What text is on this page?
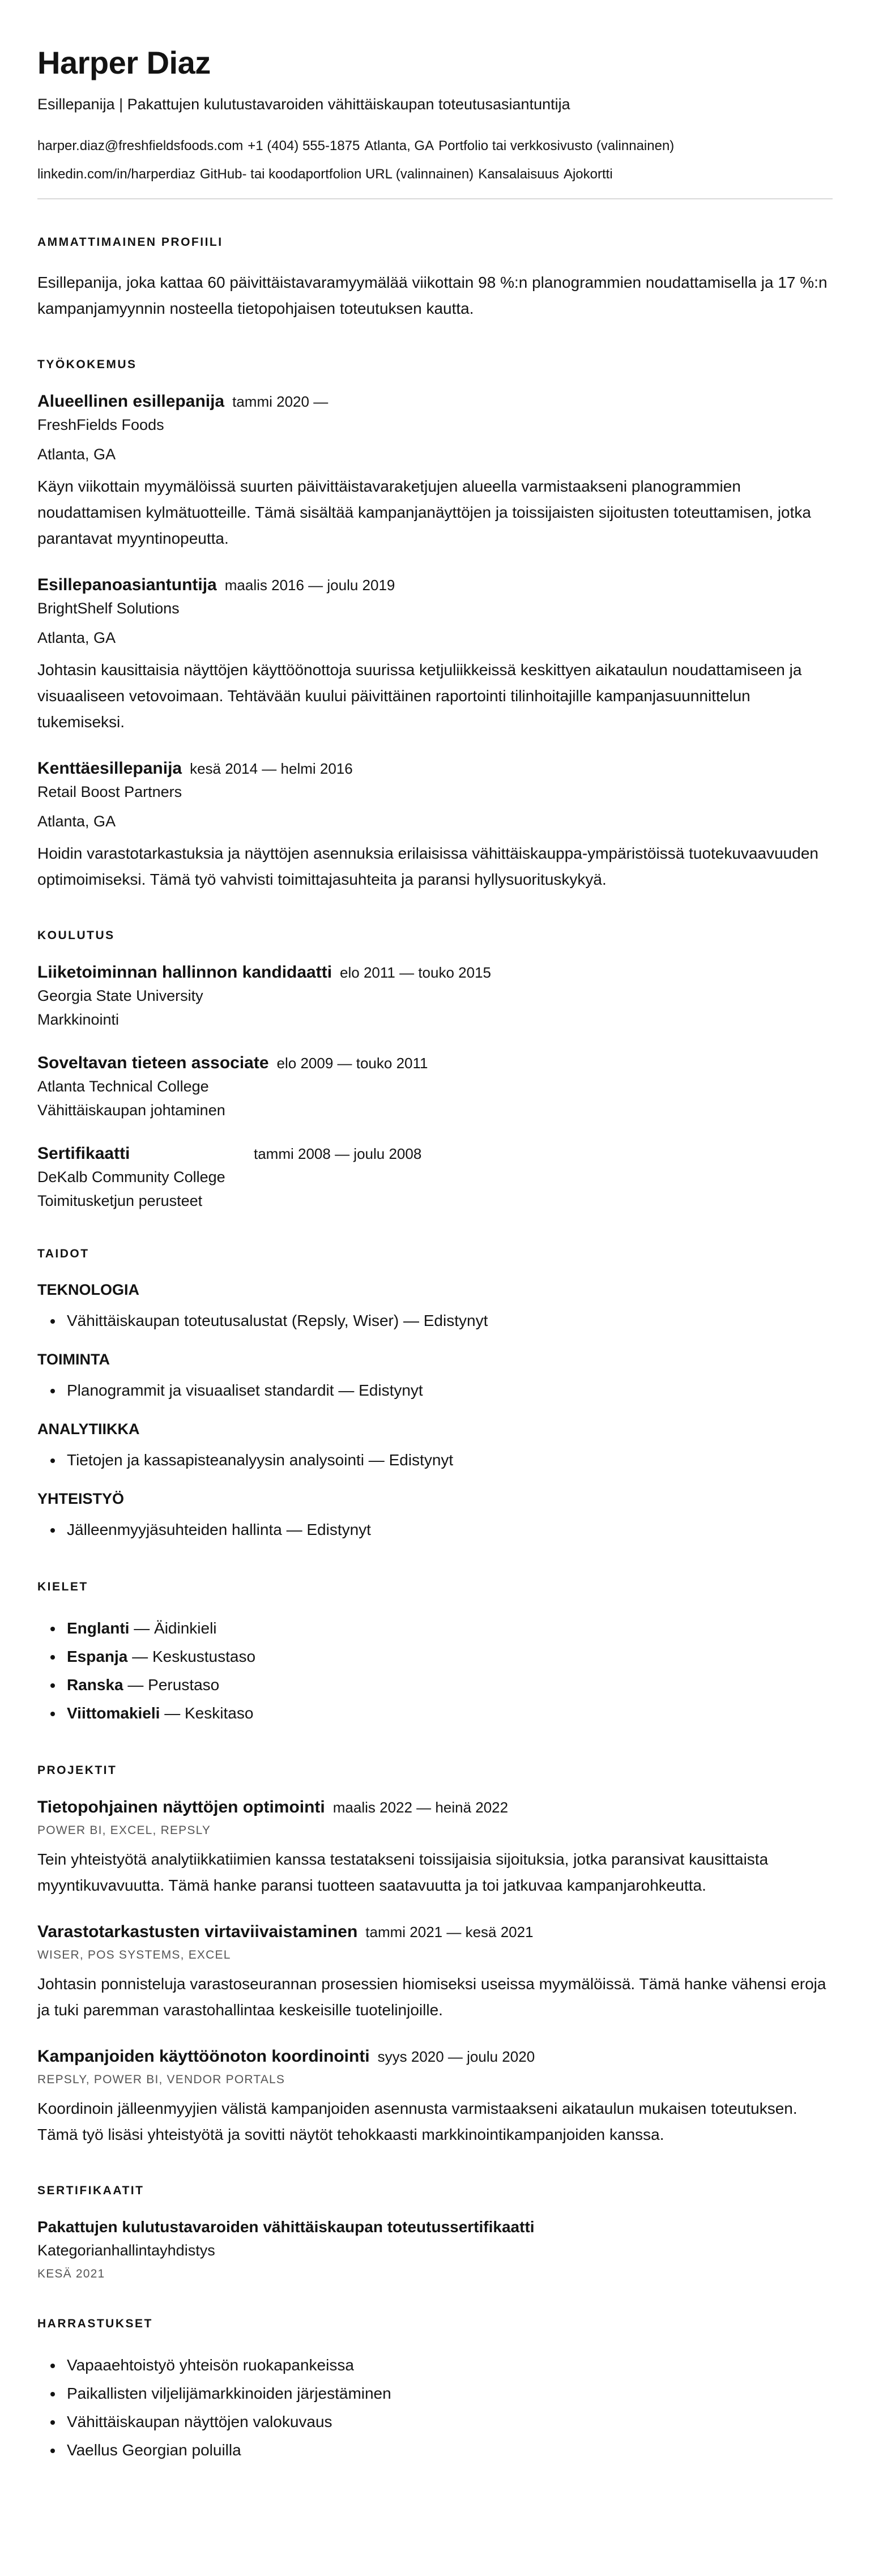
Harper Diaz

Esillepanija | Pakattujen kulutustavaroiden vähittäiskaupan toteutusasiantuntija

harper.diaz@freshfieldsfoods.com +1 (404) 555-1875 Atlanta, GA Portfolio tai verkkosivusto (valinnainen)
linkedin.com/in/harperdiaz GitHub- tai koodaportfolion URL (valinnainen) Kansalaisuus Ajokortti
AMMATTIMAINEN PROFIILI

Esillepanija, joka kattaa 60 päivittäistavaramyymälää viikottain 98 %:n planogrammien noudattamisella ja 17 %:n kampanjamyynnin nosteella tietopohjaisen toteutuksen kautta.

TYÖKOKEMUS
Alueellinen esillepanija tammi 2020 —
FreshFields Foods
Atlanta, GA

Käyn viikottain myymälöissä suurten päivittäistavaraketjujen alueella varmistaakseni planogrammien noudattamisen kylmätuotteille. Tämä sisältää kampanjanäyttöjen ja toissijaisten sijoitusten toteuttamisen, jotka parantavat myyntinopeutta.

Esillepanoasiantuntija maalis 2016 — joulu 2019
BrightShelf Solutions
Atlanta, GA

Johtasin kausittaisia näyttöjen käyttöönottoja suurissa ketjuliikkeissä keskittyen aikataulun noudattamiseen ja visuaaliseen vetovoimaan. Tehtävään kuului päivittäinen raportointi tilinhoitajille kampanjasuunnittelun tukemiseksi.

Kenttäesillepanija kesä 2014 — helmi 2016
Retail Boost Partners
Atlanta, GA

Hoidin varastotarkastuksia ja näyttöjen asennuksia erilaisissa vähittäiskauppa-ympäristöissä tuotekuvaavuuden optimoimiseksi. Tämä työ vahvisti toimittajasuhteita ja paransi hyllysuorituskykyä.

KOULUTUS
Liiketoiminnan hallinnon kandidaatti elo 2011 — touko 2015
Georgia State University
Markkinointi
Soveltavan tieteen associate elo 2009 — touko 2011
Atlanta Technical College
Vähittäiskaupan johtaminen
Sertifikaatti	tammi 2008 — joulu 2008
DeKalb Community College
Toimitusketjun perusteet
TAIDOT
TEKNOLOGIA
• Vähittäiskaupan toteutusalustat (Repsly, Wiser) — Edistynyt
TOIMINTA
• Planogrammit ja visuaaliset standardit — Edistynyt
ANALYTIIKKA
• Tietojen ja kassapisteanalyysin analysointi — Edistynyt
YHTEISTYÖ
• Jälleenmyyjäsuhteiden hallinta — Edistynyt
KIELET
• Englanti — Äidinkieli
• Espanja — Keskustustaso
• Ranska — Perustaso
• Viittomakieli — Keskitaso
PROJEKTIT
Tietopohjainen näyttöjen optimointi maalis 2022 — heinä 2022
POWER BI, EXCEL, REPSLY

Tein yhteistyötä analytiikkatiimien kanssa testatakseni toissijaisia sijoituksia, jotka paransivat kausittaista myyntikuvavuutta. Tämä hanke paransi tuotteen saatavuutta ja toi jatkuvaa kampanjarohkeutta.

Varastotarkastusten virtaviivaistaminen tammi 2021 — kesä 2021
WISER, POS SYSTEMS, EXCEL

Johtasin ponnisteluja varastoseurannan prosessien hiomiseksi useissa myymälöissä. Tämä hanke vähensi eroja ja tuki paremman varastohallintaa keskeisille tuotelinjoille.

Kampanjoiden käyttöönoton koordinointi syys 2020 — joulu 2020
REPSLY, POWER BI, VENDOR PORTALS

Koordinoin jälleenmyyjien välistä kampanjoiden asennusta varmistaakseni aikataulun mukaisen toteutuksen. Tämä työ lisäsi yhteistyötä ja sovitti näytöt tehokkaasti markkinointikampanjoiden kanssa.

SERTIFIKAATIT
Pakattujen kulutustavaroiden vähittäiskaupan toteutussertifikaatti
Kategorianhallintayhdistys
KESÄ 2021
HARRASTUKSET
• Vapaaehtoistyö yhteisön ruokapankeissa
• Paikallisten viljelijämarkkinoiden järjestäminen
• Vähittäiskaupan näyttöjen valokuvaus
• Vaellus Georgian poluilla
